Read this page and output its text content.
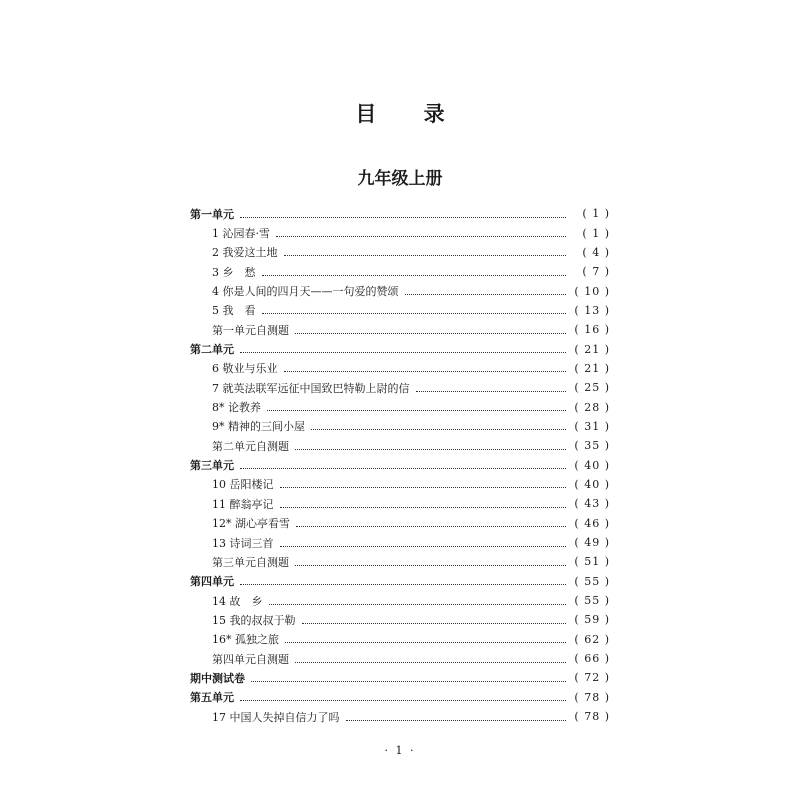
目 录
九年级上册
第一单元	( 1 )
1 沁园春·雪	( 1 )
2 我爱这土地	( 4 )
3 乡　愁	( 7 )
4 你是人间的四月天——一句爱的赞颂	( 10 )
5 我　看	( 13 )
第一单元自测题	( 16 )
第二单元	( 21 )
6 敬业与乐业	( 21 )
7 就英法联军远征中国致巴特勒上尉的信	( 25 )
8* 论教养	( 28 )
9* 精神的三间小屋	( 31 )
第二单元自测题	( 35 )
第三单元	( 40 )
10 岳阳楼记	( 40 )
11 醉翁亭记	( 43 )
12* 湖心亭看雪	( 46 )
13 诗词三首	( 49 )
第三单元自测题	( 51 )
第四单元	( 55 )
14 故　乡	( 55 )
15 我的叔叔于勒	( 59 )
16* 孤独之旅	( 62 )
第四单元自测题	( 66 )
期中测试卷	( 72 )
第五单元	( 78 )
17 中国人失掉自信力了吗	( 78 )
· 1 ·
